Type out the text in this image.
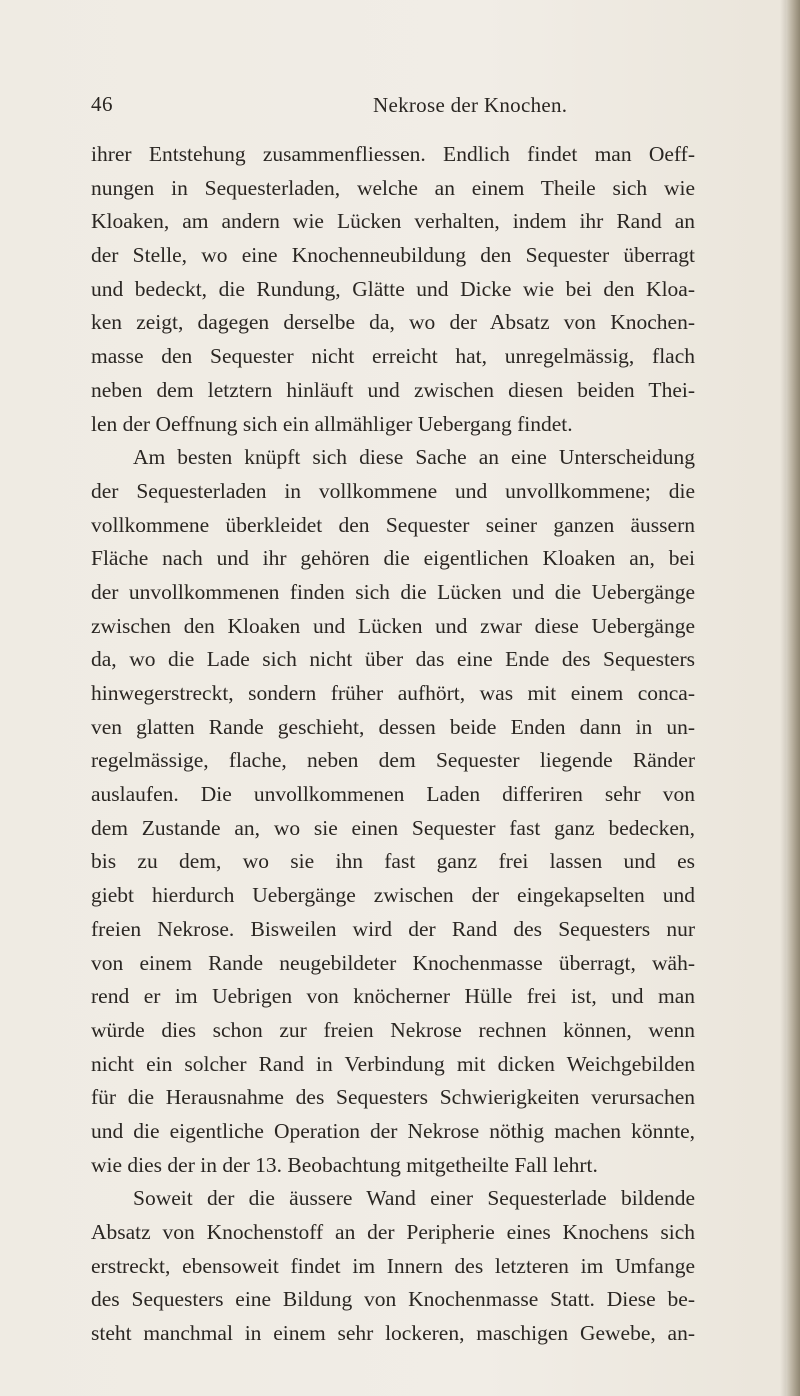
46	Nekrose der Knochen.
ihrer Entstehung zusammenfliessen. Endlich findet man Oeff-
nungen in Sequesterladen, welche an einem Theile sich wie
Kloaken, am andern wie Lücken verhalten, indem ihr Rand an
der Stelle, wo eine Knochenneubildung den Sequester überragt
und bedeckt, die Rundung, Glätte und Dicke wie bei den Kloa-
ken zeigt, dagegen derselbe da, wo der Absatz von Knochen-
masse den Sequester nicht erreicht hat, unregelmässig, flach
neben dem letztern hinläuft und zwischen diesen beiden Thei-
len der Oeffnung sich ein allmähliger Uebergang findet.
Am besten knüpft sich diese Sache an eine Unterscheidung
der Sequesterladen in vollkommene und unvollkommene; die
vollkommene überkleidet den Sequester seiner ganzen äussern
Fläche nach und ihr gehören die eigentlichen Kloaken an, bei
der unvollkommenen finden sich die Lücken und die Uebergänge
zwischen den Kloaken und Lücken und zwar diese Uebergänge
da, wo die Lade sich nicht über das eine Ende des Sequesters
hinwegerstreckt, sondern früher aufhört, was mit einem conca-
ven glatten Rande geschieht, dessen beide Enden dann in un-
regelmässige, flache, neben dem Sequester liegende Ränder
auslaufen. Die unvollkommenen Laden differiren sehr von
dem Zustande an, wo sie einen Sequester fast ganz bedecken,
bis zu dem, wo sie ihn fast ganz frei lassen und es
giebt hierdurch Uebergänge zwischen der eingekapselten und
freien Nekrose. Bisweilen wird der Rand des Sequesters nur
von einem Rande neugebildeter Knochenmasse überragt, wäh-
rend er im Uebrigen von knöcherner Hülle frei ist, und man
würde dies schon zur freien Nekrose rechnen können, wenn
nicht ein solcher Rand in Verbindung mit dicken Weichgebilden
für die Herausnahme des Sequesters Schwierigkeiten verursachen
und die eigentliche Operation der Nekrose nöthig machen könnte,
wie dies der in der 13. Beobachtung mitgetheilte Fall lehrt.
Soweit der die äussere Wand einer Sequesterlade bildende
Absatz von Knochenstoff an der Peripherie eines Knochens sich
erstreckt, ebensoweit findet im Innern des letzteren im Umfange
des Sequesters eine Bildung von Knochenmasse Statt. Diese be-
steht manchmal in einem sehr lockeren, maschigen Gewebe, an-
